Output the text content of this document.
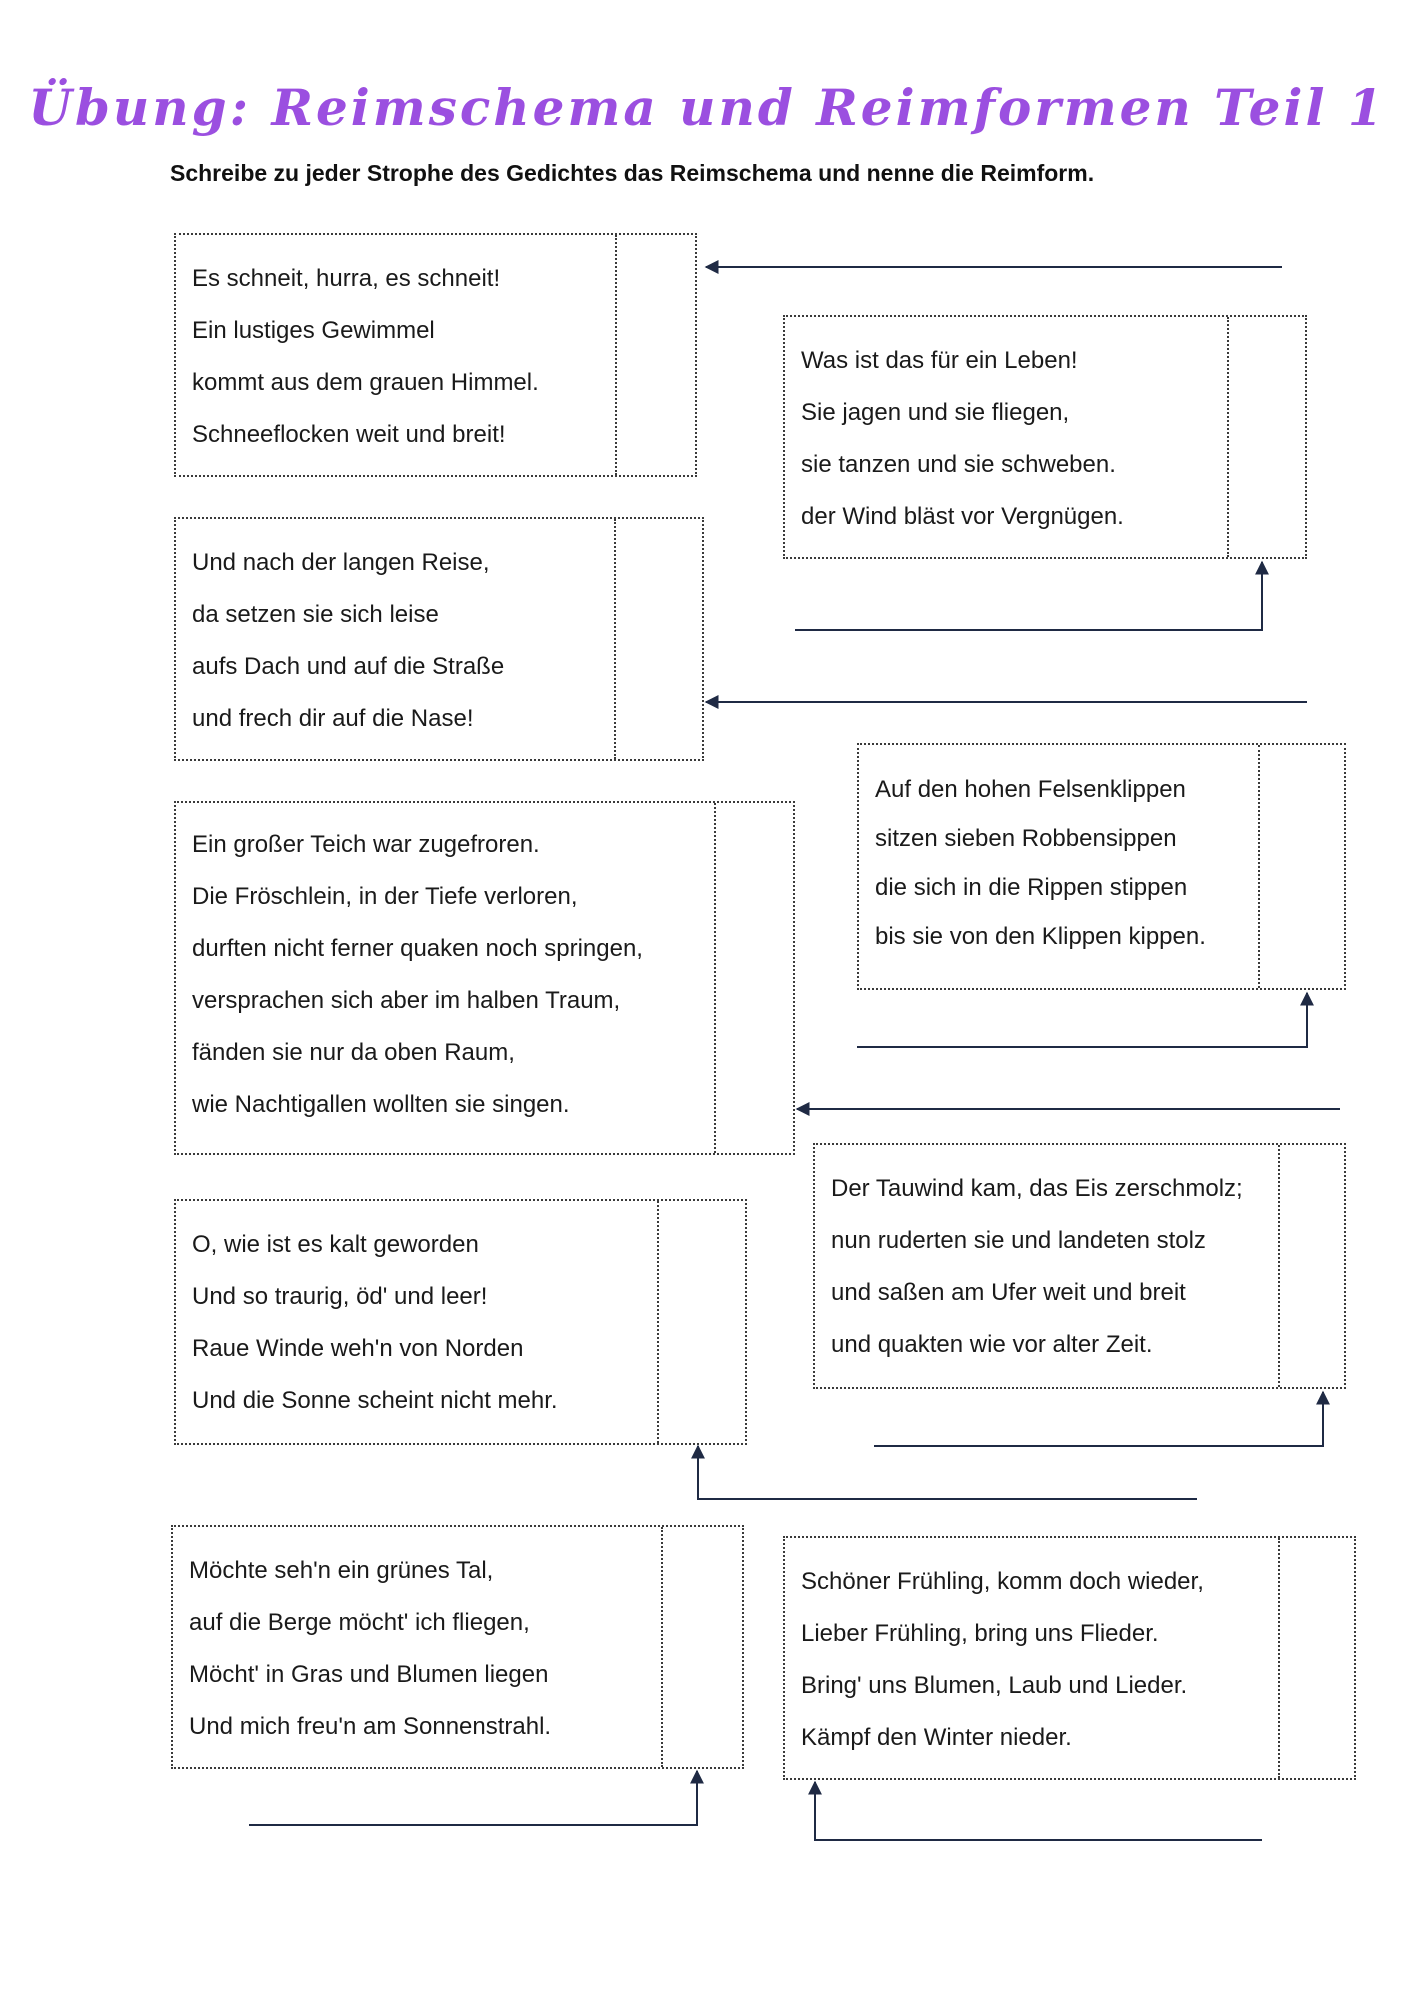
Übung: Reimschema und Reimformen Teil 1

Schreibe zu jeder Strophe des Gedichtes das Reimschema und nenne die Reimform.

Es schneit, hurra, es schneit!
Ein lustiges Gewimmel
kommt aus dem grauen Himmel.
Schneeflocken weit und breit!
Was ist das für ein Leben!
Sie jagen und sie fliegen,
sie tanzen und sie schweben.
der Wind bläst vor Vergnügen.
Und nach der langen Reise,
da setzen sie sich leise
aufs Dach und auf die Straße
und frech dir auf die Nase!
Auf den hohen Felsenklippen
sitzen sieben Robbensippen
die sich in die Rippen stippen
bis sie von den Klippen kippen.
Ein großer Teich war zugefroren.
Die Fröschlein, in der Tiefe verloren,
durften nicht ferner quaken noch springen,
versprachen sich aber im halben Traum,
fänden sie nur da oben Raum,
wie Nachtigallen wollten sie singen.
Der Tauwind kam, das Eis zerschmolz;
nun ruderten sie und landeten stolz
und saßen am Ufer weit und breit
und quakten wie vor alter Zeit.
O, wie ist es kalt geworden
Und so traurig, öd' und leer!
Raue Winde weh'n von Norden
Und die Sonne scheint nicht mehr.
Möchte seh'n ein grünes Tal,
auf die Berge möcht' ich fliegen,
Möcht' in Gras und Blumen liegen
Und mich freu'n am Sonnenstrahl.
Schöner Frühling, komm doch wieder,
Lieber Frühling, bring uns Flieder.
Bring' uns Blumen, Laub und Lieder.
Kämpf den Winter nieder.
